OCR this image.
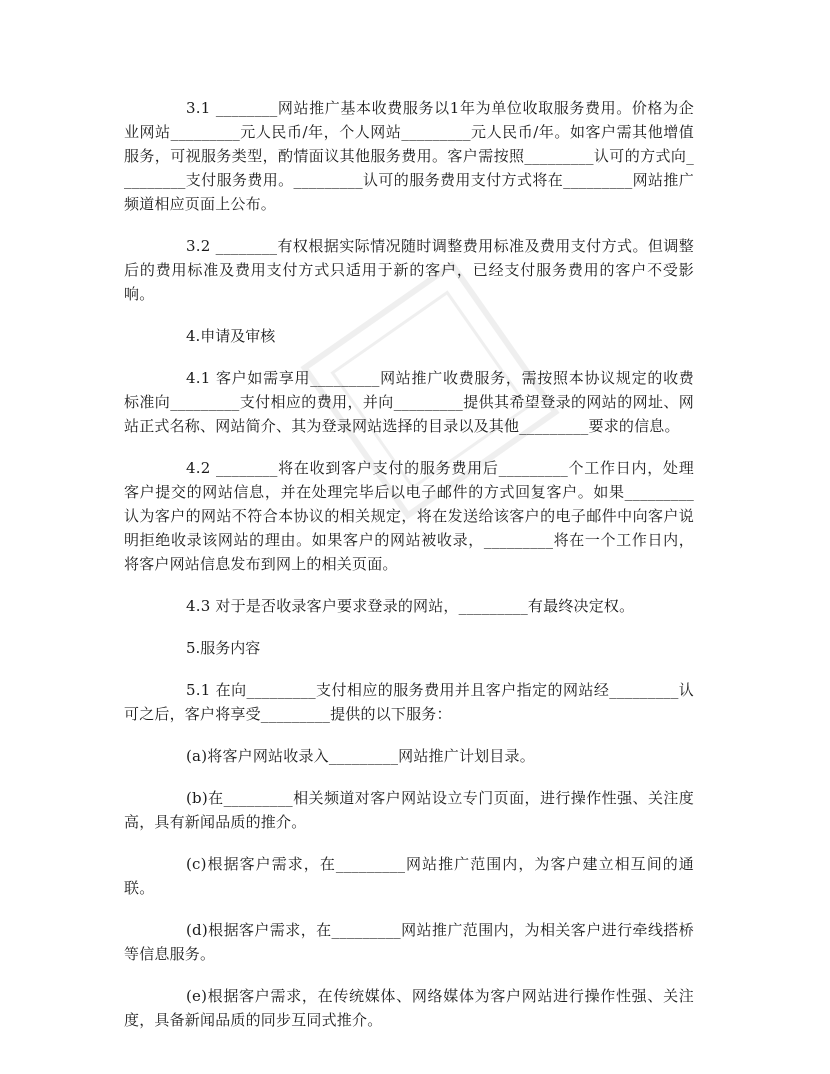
3.1 ________网站推广基本收费服务以1年为单位收取服务费用。价格为企业网站_________元人民币/年，个人网站_________元人民币/年。如客户需其他增值服务，可视服务类型，酌情面议其他服务费用。客户需按照_________认可的方式向_________支付服务费用。_________认可的服务费用支付方式将在_________网站推广频道相应页面上公布。

3.2 ________有权根据实际情况随时调整费用标准及费用支付方式。但调整后的费用标准及费用支付方式只适用于新的客户，已经支付服务费用的客户不受影响。

4.申请及审核

4.1 客户如需享用_________网站推广收费服务，需按照本协议规定的收费标准向_________支付相应的费用，并向_________提供其希望登录的网站的网址、网站正式名称、网站简介、其为登录网站选择的目录以及其他_________要求的信息。

4.2 ________将在收到客户支付的服务费用后_________个工作日内，处理客户提交的网站信息，并在处理完毕后以电子邮件的方式回复客户。如果_________认为客户的网站不符合本协议的相关规定，将在发送给该客户的电子邮件中向客户说明拒绝收录该网站的理由。如果客户的网站被收录，_________将在一个工作日内，将客户网站信息发布到网上的相关页面。

4.3 对于是否收录客户要求登录的网站，_________有最终决定权。

5.服务内容

5.1 在向_________支付相应的服务费用并且客户指定的网站经_________认可之后，客户将享受_________提供的以下服务：

(a)将客户网站收录入_________网站推广计划目录。

(b)在_________相关频道对客户网站设立专门页面，进行操作性强、关注度高，具有新闻品质的推介。

(c)根据客户需求，在_________网站推广范围内，为客户建立相互间的通联。

(d)根据客户需求，在_________网站推广范围内，为相关客户进行牵线搭桥等信息服务。

(e)根据客户需求，在传统媒体、网络媒体为客户网站进行操作性强、关注度，具备新闻品质的同步互同式推介。
